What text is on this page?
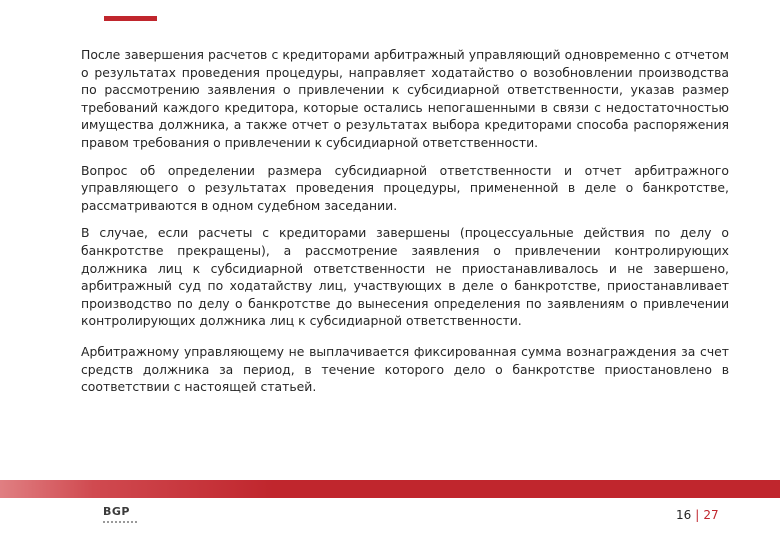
После завершения расчетов с кредиторами арбитражный управляющий одновременно с отчетом о результатах проведения процедуры, направляет ходатайство о возобновлении производства по рассмотрению заявления о привлечении к субсидиарной ответственности, указав размер требований каждого кредитора, которые остались непогашенными в связи с недостаточностью имущества должника, а также отчет о результатах выбора кредиторами способа распоряжения правом требования о привлечении к субсидиарной ответственности.

Вопрос об определении размера субсидиарной ответственности и отчет арбитражного управляющего о результатах проведения процедуры, примененной в деле о банкротстве, рассматриваются в одном судебном заседании.

В случае, если расчеты с кредиторами завершены (процессуальные действия по делу о банкротстве прекращены), а рассмотрение заявления о привлечении контролирующих должника лиц к субсидиарной ответственности не приостанавливалось и не завершено, арбитражный суд по ходатайству лиц, участвующих в деле о банкротстве, приостанавливает производство по делу о банкротстве до вынесения определения по заявлениям о привлечении контролирующих должника лиц к субсидиарной ответственности.

Арбитражному управляющему не выплачивается фиксированная сумма вознаграждения за счет средств должника за период, в течение которого дело о банкротстве приостановлено в соответствии с настоящей статьей.

BGP	16 | 27
